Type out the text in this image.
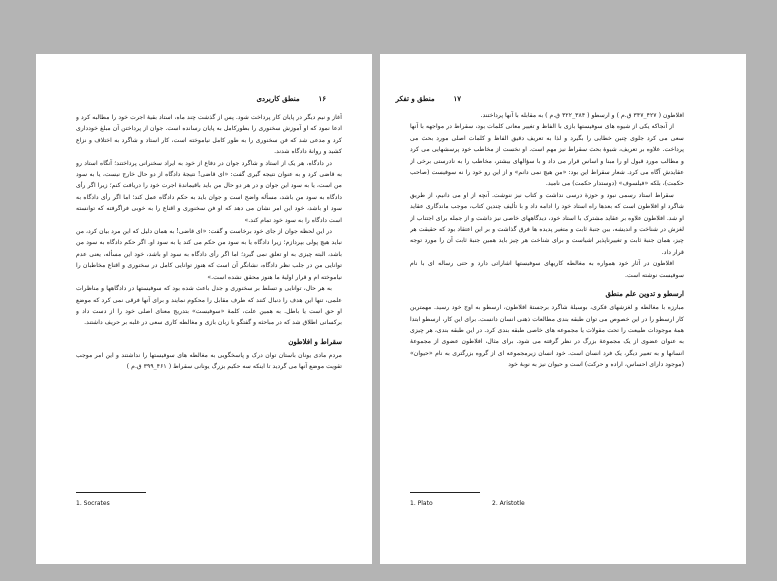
۱۶  منطق کاربردی

آغاز و نیم دیگر در پایان کار پرداخت شود. پس از گذشت چند ماه، استاد بقیهٔ اجرت خود را مطالبه کرد و ادعا نمود که او آموزش سخنوری را بطورکامل به پایان رسانده است. جوان از پرداختن آن مبلغ خودداری کرد و مدعی شد که فن سخنوری را به طور کامل نیاموخته است، کار استاد و شاگرد به اختلاف و نزاع کشید و روانهٔ دادگاه شدند.

در دادگاه، هر یک از استاد و شاگرد جوان در دفاع از خود به ایراد سخنرانی پرداختند؛ آنگاه استاد رو به قاضی کرد و به عنوان نتیجه گیری گفت: «ای قاضی! نتیجهٔ دادگاه از دو حال خارج نیست، یا به سود من است، یا به سود این جوان و در هر دو حال من باید باقیماندهٔ اجرت خود را دریافت کنم؛ زیرا اگر رأی دادگاه به سود من باشد، مسأله واضح است و جوان باید به حکم دادگاه عمل کند؛ اما اگر رأی دادگاه به سود او باشد، خود این امر نشان می دهد که او فن سخنوری و اقناع را به خوبی فراگرفته که توانسته است دادگاه را به سود خود تمام کند.»

در این لحظه جوان از جای خود برخاست و گفت: «ای قاضی! به همان دلیل که این مرد بیان کرد، من نباید هیچ پولی بپردازم؛ زیرا دادگاه یا به سود من حکم می کند یا به سود او. اگر حکم دادگاه به سود من باشد، البته چیزی به او تعلق نمی گیرد؛ اما اگر رأی دادگاه به سود او باشد، خود این مسأله، یعنی عدم توانایی من در جلب نظر دادگاه، نشانگر آن است که هنوز توانایی کامل در سخنوری و اقناع مخاطبان را نیاموخته ام و قرار اولیهٔ ما هنوز محقق نشده است.»

به هر حال، توانایی و تسلط بر سخنوری و جدل باعث شده بود که سوفیستها در دادگاهها و مناظرات علمی، تنها این هدف را دنبال کنند که طرف مقابل را محکوم نمایند و برای آنها فرقی نمی کرد که موضع او حق است یا باطل. به همین علت، کلمهٔ «سوفیست» بتدریج معنای اصلی خود را از دست داد و برکسانی اطلاق شد که در مباحثه و گفتگو با زبان بازی و مغالطه کاری سعی در غلبه بر حریف داشتند.

سقراط و افلاطون

مردم مادی یونان باستان توان درک و پاسخگویی به مغالطه های سوفیستها را نداشتند و این امر موجب تقویت موضع آنها می گردید تا اینکه سه حکیم بزرگ یونانی سقراط ( ۴۶۱_۳۹۹ ق.م )

1. Socrates
۱۷  منطق و تفکر

افلاطون ( ۴۲۷_۳۴۷ ق.م ) و ارسطو ( ۳۸۴_۳۲۲ ق.م ) به مقابله با آنها پرداختند.

از آنجاکه یکی از شیوه های سوفیستها بازی با الفاظ و تغییر معانی کلمات بود، سقراط در مواجهه با آنها سعی می کرد جلوی چنین خطایی را بگیرد و لذا به تعریف دقیق الفاظ و کلمات اصلی مورد بحث می پرداخت. علاوه بر تعریف، شیوهٔ بحث سقراط نیز مهم است. او نخست از مخاطب خود پرسشهایی می کرد و مطالب مورد قبول او را مبنا و اساس قرار می داد و با سؤالهای بیشتر، مخاطب را به نادرستی برخی از عقایدش آگاه می کرد. شعار سقراط این بود: «من هیچ نمی دانم» و از این رو خود را نه سوفیست (صاحب حکمت)، بلکه «فیلسوف» (دوستدار حکمت) می نامید.

سقراط استاد رسمی نبود و حوزهٔ درسی نداشت و کتاب نیز ننوشت. آنچه از او می دانیم، از طریق شاگرد او افلاطون است که بعدها راه استاد خود را ادامه داد و با تألیف چندین کتاب، موجب ماندگاری عقاید او شد. افلاطون علاوه بر عقاید مشترک با استاد خود، دیدگاههای خاصی نیز داشت و از جمله برای اجتناب از لغزش در شناخت و اندیشه، بین جنبهٔ ثابت و متغیر پدیده ها فرق گذاشت و بر این اعتقاد بود که حقیقت هر چیز، همان جنبهٔ ثابت و تغییرناپذیر اشیاست و برای شناخت هر چیز باید همین جنبهٔ ثابت آن را مورد توجه قرار داد.

افلاطون در آثار خود همواره به مغالطه کاریهای سوفیستها اشاراتی دارد و حتی رساله ای با نام سوفیست نوشته است.

ارسطو و تدوین علم منطق

مبارزه با مغالطه و لغزشهای فکری، بوسیلهٔ شاگرد برجستهٔ افلاطون، ارسطو به اوج خود رسید. مهمترین کار ارسطو را در این خصوص می توان طبقه بندی مطالعات ذهنی انسان دانست. برای این کار، ارسطو ابتدا همهٔ موجودات طبیعت را تحت مقولات یا مجموعه های خاصی طبقه بندی کرد. در این طبقه بندی، هر چیزی به عنوان عضوی از یک مجموعهٔ بزرگ در نظر گرفته می شود. برای مثال، افلاطون عضوی از مجموعهٔ انسانها و به تعبیر دیگر، یک فرد انسان است. خود انسان زیرمجموعه ای از گروه بزرگتری به نام «حیوان» (موجود دارای احساس، اراده و حرکت) است و حیوان نیز به نوبهٔ خود

1. Plato	2. Aristotle
